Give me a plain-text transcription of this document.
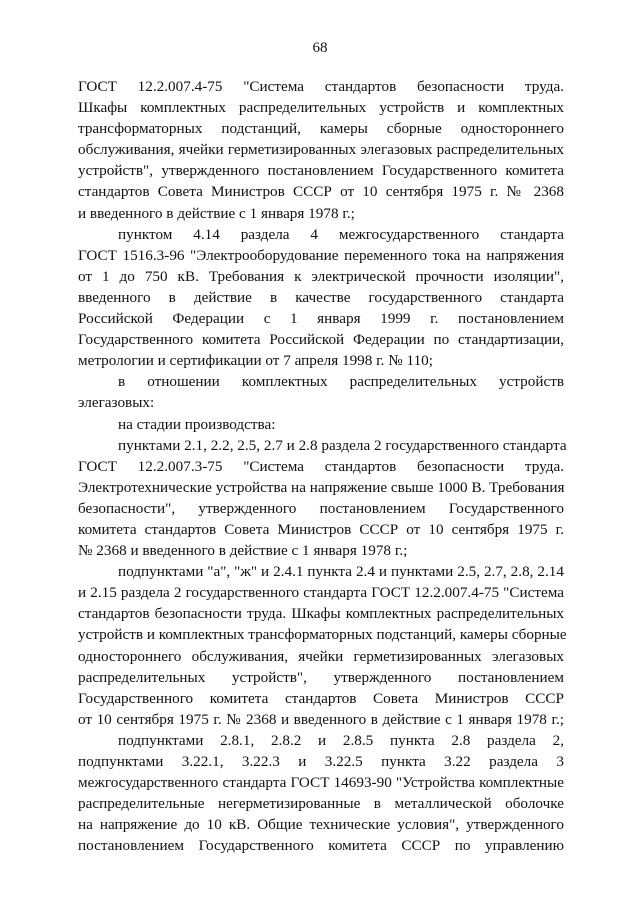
68
ГОСТ 12.2.007.4-75 "Система стандартов безопасности труда.
Шкафы комплектных распределительных устройств и комплектных
трансформаторных подстанций, камеры сборные одностороннего
обслуживания, ячейки герметизированных элегазовых распределительных
устройств", утвержденного постановлением Государственного комитета
стандартов Совета Министров СССР от 10 сентября 1975 г. № 2368
и введенного в действие с 1 января 1978 г.;
пунктом 4.14 раздела 4 межгосударственного стандарта
ГОСТ 1516.3-96 "Электрооборудование переменного тока на напряжения
от 1 до 750 кВ. Требования к электрической прочности изоляции",
введенного в действие в качестве государственного стандарта
Российской Федерации с 1 января 1999 г. постановлением
Государственного комитета Российской Федерации по стандартизации,
метрологии и сертификации от 7 апреля 1998 г. № 110;
в отношении комплектных распределительных устройств
элегазовых:
на стадии производства:
пунктами 2.1, 2.2, 2.5, 2.7 и 2.8 раздела 2 государственного стандарта
ГОСТ 12.2.007.3-75 "Система стандартов безопасности труда.
Электротехнические устройства на напряжение свыше 1000 В. Требования
безопасности", утвержденного постановлением Государственного
комитета стандартов Совета Министров СССР от 10 сентября 1975 г.
№ 2368 и введенного в действие с 1 января 1978 г.;
подпунктами "а", "ж" и 2.4.1 пункта 2.4 и пунктами 2.5, 2.7, 2.8, 2.14
и 2.15 раздела 2 государственного стандарта ГОСТ 12.2.007.4-75 "Система
стандартов безопасности труда. Шкафы комплектных распределительных
устройств и комплектных трансформаторных подстанций, камеры сборные
одностороннего обслуживания, ячейки герметизированных элегазовых
распределительных устройств", утвержденного постановлением
Государственного комитета стандартов Совета Министров СССР
от 10 сентября 1975 г. № 2368 и введенного в действие с 1 января 1978 г.;
подпунктами 2.8.1, 2.8.2 и 2.8.5 пункта 2.8 раздела 2,
подпунктами 3.22.1, 3.22.3 и 3.22.5 пункта 3.22 раздела 3
межгосударственного стандарта ГОСТ 14693-90 "Устройства комплектные
распределительные негерметизированные в металлической оболочке
на напряжение до 10 кВ. Общие технические условия", утвержденного
постановлением Государственного комитета СССР по управлению
